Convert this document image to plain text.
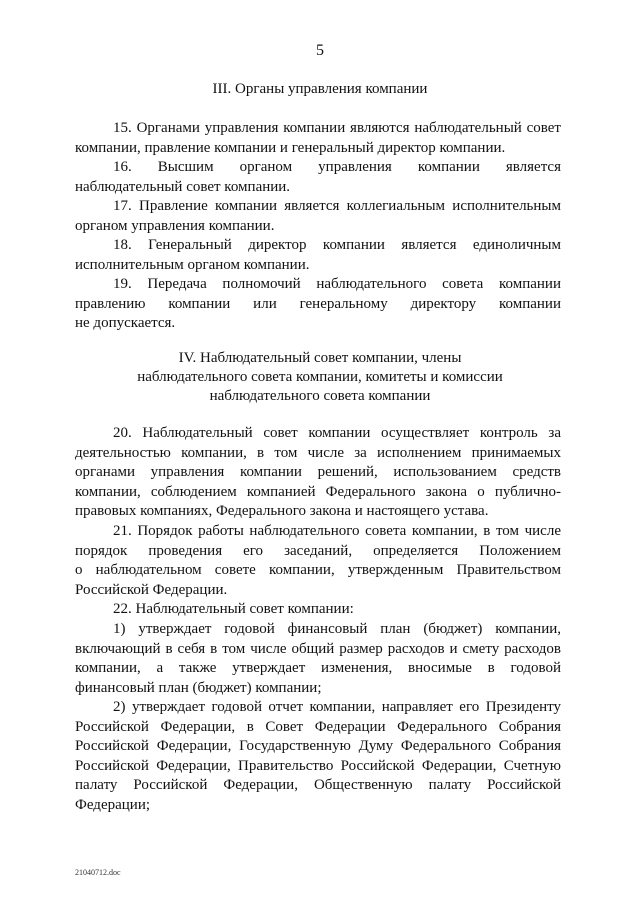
5
III. Органы управления компании
15. Органами управления компании являются наблюдательный совет
компании, правление компании и генеральный директор компании.
16. Высшим органом управления компании является
наблюдательный совет компании.
17. Правление компании является коллегиальным исполнительным
органом управления компании.
18. Генеральный директор компании является единоличным
исполнительным органом компании.
19. Передача полномочий наблюдательного совета компании
правлению компании или генеральному директору компании
не допускается.
IV. Наблюдательный совет компании, члены
наблюдательного совета компании, комитеты и комиссии
наблюдательного совета компании
20. Наблюдательный совет компании осуществляет контроль за
деятельностью компании, в том числе за исполнением принимаемых
органами управления компании решений, использованием средств
компании, соблюдением компанией Федерального закона о публично-
правовых компаниях, Федерального закона и настоящего устава.
21. Порядок работы наблюдательного совета компании, в том числе
порядок проведения его заседаний, определяется Положением
о наблюдательном совете компании, утвержденным Правительством
Российской Федерации.
22. Наблюдательный совет компании:
1) утверждает годовой финансовый план (бюджет) компании,
включающий в себя в том числе общий размер расходов и смету расходов
компании, а также утверждает изменения, вносимые в годовой
финансовый план (бюджет) компании;
2) утверждает годовой отчет компании, направляет его Президенту
Российской Федерации, в Совет Федерации Федерального Собрания
Российской Федерации, Государственную Думу Федерального Собрания
Российской Федерации, Правительство Российской Федерации, Счетную
палату Российской Федерации, Общественную палату Российской
Федерации;
21040712.doc
